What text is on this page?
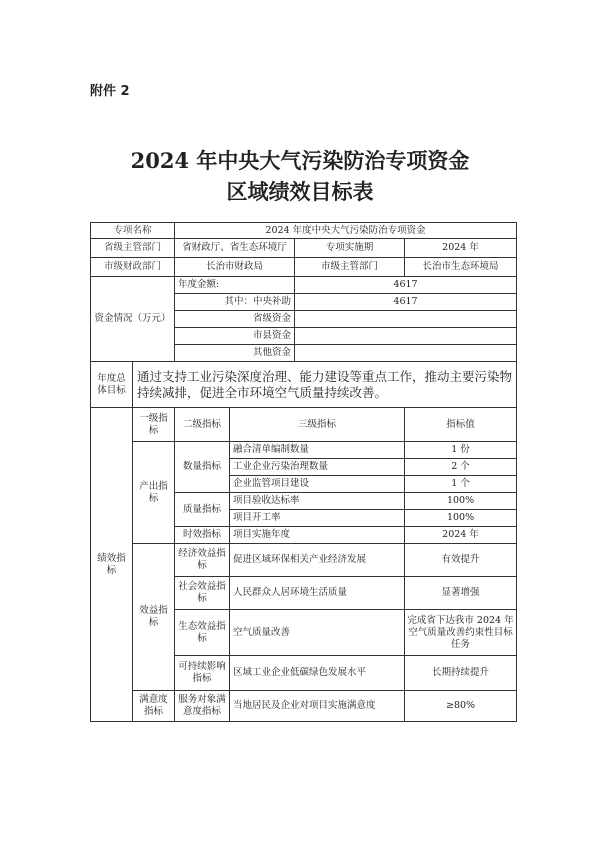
附件 2
2024 年中央大气污染防治专项资金
区域绩效目标表
专项名称		2024 年度中央大气污染防治专项资金			
省级主管部门		省财政厅、省生态环境厅		专项实施期	2024 年
市级财政部门		长治市财政局		市级主管部门	长治市生态环境局
资金情况（万元）		年度金额:		4617	
		其中：中央补助		4617	
		省级资金			
		市县资金			
		其他资金			
年度总体目标	通过支持工业污染深度治理、能力建设等重点工作，推动主要污染物持续减排，促进全市环境空气质量持续改善。				
绩效指标	一级指标	二级指标	三级指标		指标值
	产出指标	数量指标	融合清单编制数量		1 份
			工业企业污染治理数量		2 个
			企业监管项目建设		1 个
		质量指标	项目验收达标率		100%
			项目开工率		100%
		时效指标	项目实施年度		2024 年
	效益指标	经济效益指标	促进区域环保相关产业经济发展		有效提升
		社会效益指标	人民群众人居环境生活质量		显著增强
		生态效益指标	空气质量改善		完成省下达我市 2024 年空气质量改善约束性目标任务
		可持续影响指标	区域工业企业低碳绿色发展水平		长期持续提升
	满意度指标	服务对象满意度指标	当地居民及企业对项目实施满意度		≥80%
